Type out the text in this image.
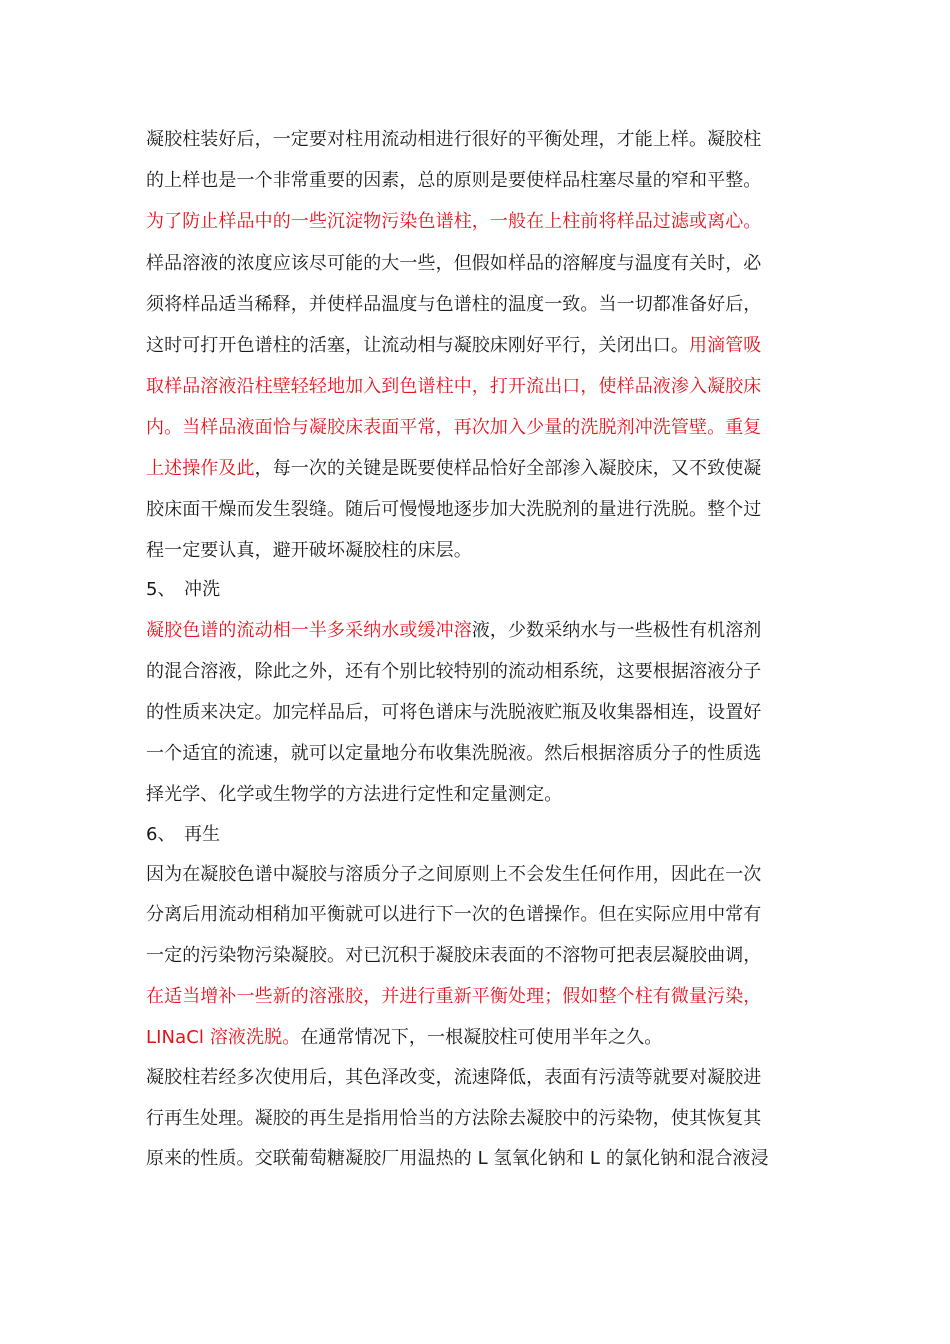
凝胶柱装好后，一定要对柱用流动相进行很好的平衡处理，才能上样。凝胶柱
的上样也是一个非常重要的因素，总的原则是要使样品柱塞尽量的窄和平整。
为了防止样品中的一些沉淀物污染色谱柱，一般在上柱前将样品过滤或离心。
样品溶液的浓度应该尽可能的大一些，但假如样品的溶解度与温度有关时，必
须将样品适当稀释，并使样品温度与色谱柱的温度一致。当一切都准备好后，
这时可打开色谱柱的活塞，让流动相与凝胶床刚好平行，关闭出口。用滴管吸
取样品溶液沿柱壁轻轻地加入到色谱柱中，打开流出口，使样品液渗入凝胶床
内。当样品液面恰与凝胶床表面平常，再次加入少量的洗脱剂冲洗管壁。重复
上述操作及此，每一次的关键是既要使样品恰好全部渗入凝胶床，又不致使凝
胶床面干燥而发生裂缝。随后可慢慢地逐步加大洗脱剂的量进行洗脱。整个过
程一定要认真，避开破坏凝胶柱的床层。
5、 冲洗
凝胶色谱的流动相一半多采纳水或缓冲溶液，少数采纳水与一些极性有机溶剂
的混合溶液，除此之外，还有个别比较特别的流动相系统，这要根据溶液分子
的性质来决定。加完样品后，可将色谱床与洗脱液贮瓶及收集器相连，设置好
一个适宜的流速，就可以定量地分布收集洗脱液。然后根据溶质分子的性质选
择光学、化学或生物学的方法进行定性和定量测定。
6、 再生
因为在凝胶色谱中凝胶与溶质分子之间原则上不会发生任何作用，因此在一次
分离后用流动相稍加平衡就可以进行下一次的色谱操作。但在实际应用中常有
一定的污染物污染凝胶。对已沉积于凝胶床表面的不溶物可把表层凝胶曲调，
在适当增补一些新的溶涨胶，并进行重新平衡处理；假如整个柱有微量污染，
LINaCl 溶液洗脱。在通常情况下，一根凝胶柱可使用半年之久。
凝胶柱若经多次使用后，其色泽改变，流速降低，表面有污渍等就要对凝胶进
行再生处理。凝胶的再生是指用恰当的方法除去凝胶中的污染物，使其恢复其
原来的性质。交联葡萄糖凝胶厂用温热的 L 氢氧化钠和 L 的氯化钠和混合液浸
